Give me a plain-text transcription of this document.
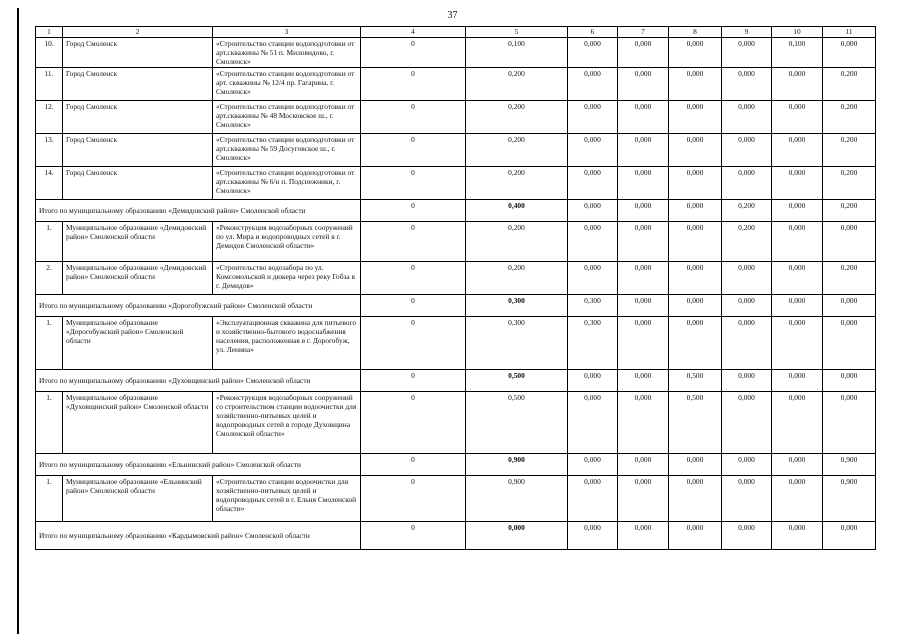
37
1	2	3	4	5	6	7	8	9	10	11
10.	Город Смоленск	«Строительство станции водоподготовки от арт.скважины № 51 п. Миловидово, г. Смоленск»	0	0,100	0,000	0,000	0,000	0,000	0,100	0,000
11.	Город Смоленск	«Строительство станции водоподготовки от арт. скважины № 12/4 пр. Гагарина, г. Смоленск»	0	0,200	0,000	0,000	0,000	0,000	0,000	0,200
12.	Город Смоленск	«Строительство станции водоподготовки от арт.скважины № 48 Московское ш., г. Смоленск»	0	0,200	0,000	0,000	0,000	0,000	0,000	0,200
13.	Город Смоленск	«Строительство станции водоподготовки от арт.скважины № 59 Досуговское ш., г. Смоленск»	0	0,200	0,000	0,000	0,000	0,000	0,000	0,200
14.	Город Смоленск	«Строительство станции водоподготовки от арт.скважины № 6/н п. Подснежники, г. Смоленск»	0	0,200	0,000	0,000	0,000	0,000	0,000	0,200
Итого по муниципальному образованию «Демидовский район» Смоленской области			0	0,400	0,000	0,000	0,000	0,200	0,000	0,200
1.	Муниципальное образование «Демидовский район» Смоленской области	«Реконструкция водозаборных сооружений по ул. Мира и водопроводных сетей в г. Демидов Смоленской области»	0	0,200	0,000	0,000	0,000	0,200	0,000	0,000
2.	Муниципальное образование «Демидовский район» Смоленской области	«Строительство водозабора по ул. Комсомольской и дюкера через реку Гобза в г. Демидов»	0	0,200	0,000	0,000	0,000	0,000	0,000	0,200
Итого по муниципальному образованию «Дорогобужский район» Смоленской области			0	0,300	0,300	0,000	0,000	0,000	0,000	0,000
1.	Муниципальное образование «Дорогобужский район» Смоленской области	«Эксплуатационная скважина для питьевого и хозяйственно-бытового водоснабжения населения, расположенная в г. Дорогобуж, ул. Ленина»	0	0,300	0,300	0,000	0,000	0,000	0,000	0,000
Итого по муниципальному образованию «Духовщинский район» Смоленской области			0	0,500	0,000	0,000	0,500	0,000	0,000	0,000
1.	Муниципальное образование «Духовщинский район» Смоленской области	«Реконструкция водозаборных сооружений со строительством станции водоочистки для хозяйственно-питьевых целей и водопроводных сетей в городе Духовщина Смоленской области»	0	0,500	0,000	0,000	0,500	0,000	0,000	0,000
Итого по муниципальному образованию «Ельнинский район» Смоленской области			0	0,900	0,000	0,000	0,000	0,000	0,000	0,900
1.	Муниципальное образование «Ельнинский район» Смоленской области	«Строительство станции водоочистки для хозяйственно-питьевых целей и водопроводных сетей в г. Ельня Смоленской области»	0	0,900	0,000	0,000	0,000	0,000	0,000	0,900
Итого по муниципальному образованию «Кардымовский район» Смоленской области			0	0,000	0,000	0,000	0,000	0,000	0,000	0,000
